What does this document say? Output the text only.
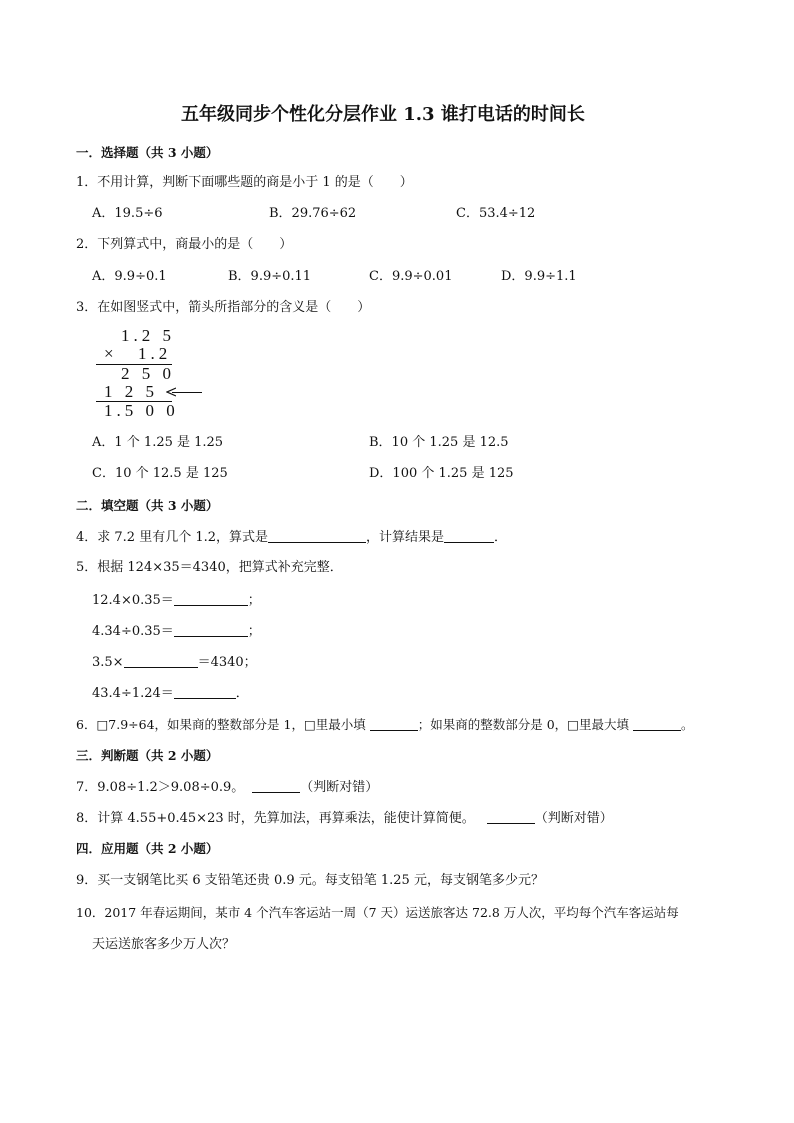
五年级同步个性化分层作业 1.3 谁打电话的时间长
一．选择题（共 3 小题）
1．不用计算，判断下面哪些题的商是小于 1 的是（　　）
A．19.5÷6	B．29.76÷62	C．53.4÷12
2．下列算式中，商最小的是（　　）
A．9.9÷0.1	B．9.9÷0.11	C．9.9÷0.01	D．9.9÷1.1
3．在如图竖式中，箭头所指部分的含义是（　　）
1.2 5
× 1.2
2 5 0
1 2 5
1.5 0 0
A．1 个 1.25 是 1.25	B．10 个 1.25 是 12.5
C．10 个 12.5 是 125	D．100 个 1.25 是 125
二．填空题（共 3 小题）
4．求 7.2 里有几个 1.2，算式是	，计算结果是	．
5．根据 124×35＝4340，把算式补充完整．
12.4×0.35＝	；
4.34÷0.35＝	；
3.5×	＝4340；
43.4÷1.24＝	．
6．□7.9÷64，如果商的整数部分是 1，□里最小填	；如果商的整数部分是 0，□里最大填	。
三．判断题（共 2 小题）
7．9.08÷1.2＞9.08÷0.9。	（判断对错）
8．计算 4.55+0.45×23 时，先算加法，再算乘法，能使计算简便。	（判断对错）
四．应用题（共 2 小题）
9．买一支钢笔比买 6 支铅笔还贵 0.9 元。每支铅笔 1.25 元，每支钢笔多少元？
10．2017 年春运期间，某市 4 个汽车客运站一周（7 天）运送旅客达 72.8 万人次，平均每个汽车客运站每
天运送旅客多少万人次？
